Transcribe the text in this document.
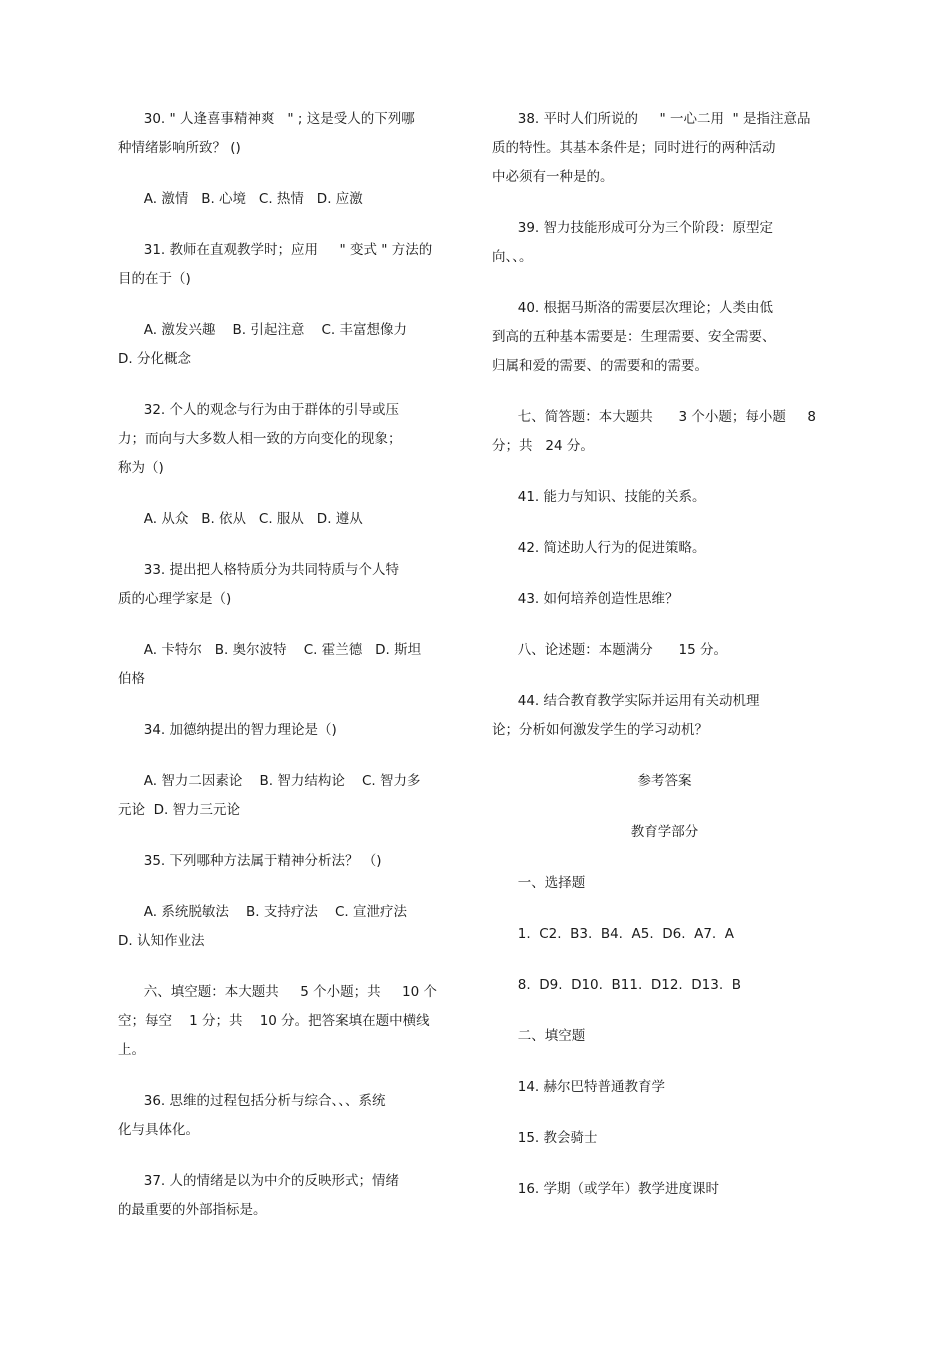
30. " 人逢喜事精神爽   " ; 这是受人的下列哪
种情绪影响所致？ ()
A. 激情   B. 心境   C. 热情   D. 应激
31. 教师在直观教学时；应用     " 变式 " 方法的
目的在于（)
A. 激发兴趣    B. 引起注意    C. 丰富想像力
D. 分化概念
32. 个人的观念与行为由于群体的引导或压
力；而向与大多数人相一致的方向变化的现象；
称为（)
A. 从众   B. 依从   C. 服从   D. 遵从
33. 提出把人格特质分为共同特质与个人特
质的心理学家是（)
A. 卡特尔   B. 奥尔波特    C. 霍兰德   D. 斯坦
伯格
34. 加德纳提出的智力理论是（)
A. 智力二因素论    B. 智力结构论    C. 智力多
元论  D. 智力三元论
35. 下列哪种方法属于精神分析法？ （)
A. 系统脱敏法    B. 支持疗法    C. 宣泄疗法
D. 认知作业法
六、填空题：本大题共     5 个小题；共     10 个
空；每空    1 分；共    10 分。把答案填在题中横线
上。
36. 思维的过程包括分析与综合、、、系统
化与具体化。
37. 人的情绪是以为中介的反映形式；情绪
的最重要的外部指标是。
38. 平时人们所说的     " 一心二用  " 是指注意品
质的特性。其基本条件是；同时进行的两种活动
中必须有一种是的。
39. 智力技能形成可分为三个阶段：原型定
向、、。
40. 根据马斯洛的需要层次理论；人类由低
到高的五种基本需要是：生理需要、安全需要、
归属和爱的需要、的需要和的需要。
七、简答题：本大题共      3 个小题；每小题     8
分；共   24 分。
41. 能力与知识、技能的关系。
42. 简述助人行为的促进策略。
43. 如何培养创造性思维？
八、论述题：本题满分      15 分。
44. 结合教育教学实际并运用有关动机理
论；分析如何激发学生的学习动机？
参考答案
教育学部分
一、选择题
1.  C2.  B3.  B4.  A5.  D6.  A7.  A
8.  D9.  D10.  B11.  D12.  D13.  B
二、填空题
14. 赫尔巴特普通教育学
15. 教会骑士
16. 学期（或学年）教学进度课时
